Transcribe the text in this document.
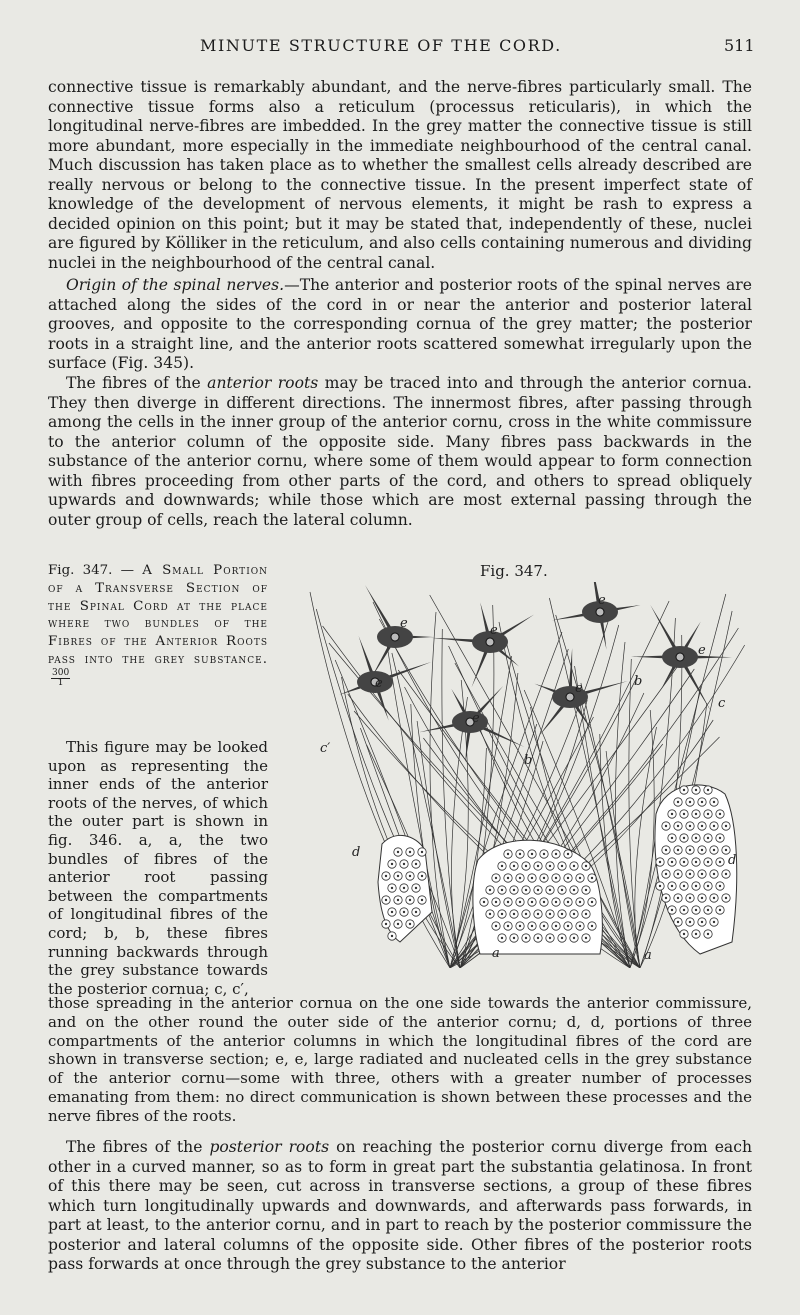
MINUTE STRUCTURE OF THE CORD.	511

connective tissue is remarkably abundant, and the nerve-fibres particularly small. The connective tissue forms also a reticulum (processus reticularis), in which the longitudinal nerve-fibres are imbedded. In the grey matter the connective tissue is still more abundant, more especially in the immediate neighbourhood of the central canal. Much discussion has taken place as to whether the smallest cells already described are really nervous or belong to the connective tissue. In the present imperfect state of knowledge of the development of nervous elements, it might be rash to express a decided opinion on this point; but it may be stated that, independently of these, nuclei are figured by Kölliker in the reticulum, and also cells containing numerous and dividing nuclei in the neighbourhood of the central canal.

Origin of the spinal nerves.—The anterior and posterior roots of the spinal nerves are attached along the sides of the cord in or near the anterior and posterior lateral grooves, and opposite to the corresponding cornua of the grey matter; the posterior roots in a straight line, and the anterior roots scattered somewhat irregularly upon the surface (Fig. 345).

The fibres of the anterior roots may be traced into and through the anterior cornua. They then diverge in different directions. The innermost fibres, after passing through among the cells in the inner group of the anterior cornu, cross in the white commissure to the anterior column of the opposite side. Many fibres pass backwards in the substance of the anterior cornu, where some of them would appear to form connection with fibres proceeding from other parts of the cord, and others to spread obliquely upwards and downwards; while those which are most external passing through the outer group of cells, reach the lateral column.

Fig. 347. — A Small Portion of a Transverse Section of the Spinal Cord at the place where two bundles of the Fibres of the Anterior Roots pass into the grey substance.
$\frac{300}{1}$

This figure may be looked upon as representing the inner ends of the anterior roots of the nerves, of which the outer part is shown in fig. 346. a, a, the two bundles of fibres of the anterior root passing between the compartments of longitudinal fibres of the cord; b, b, these fibres running backwards through the grey substance towards the posterior cornua; c, c′,

Fig. 347.
e	e
e
e
e	e
e
b
b
c
c′
d
d
a	a

those spreading in the anterior cornua on the one side towards the anterior commissure, and on the other round the outer side of the anterior cornu; d, d, portions of three compartments of the anterior columns in which the longitudinal fibres of the cord are shown in transverse section; e, e, large radiated and nucleated cells in the grey substance of the anterior cornu—some with three, others with a greater number of processes emanating from them: no direct communication is shown between these processes and the nerve fibres of the roots.

The fibres of the posterior roots on reaching the posterior cornu diverge from each other in a curved manner, so as to form in great part the substantia gelatinosa. In front of this there may be seen, cut across in transverse sections, a group of these fibres which turn longitudinally upwards and downwards, and afterwards pass forwards, in part at least, to the anterior cornu, and in part to reach by the posterior commissure the posterior and lateral columns of the opposite side. Other fibres of the posterior roots pass forwards at once through the grey substance to the anterior
